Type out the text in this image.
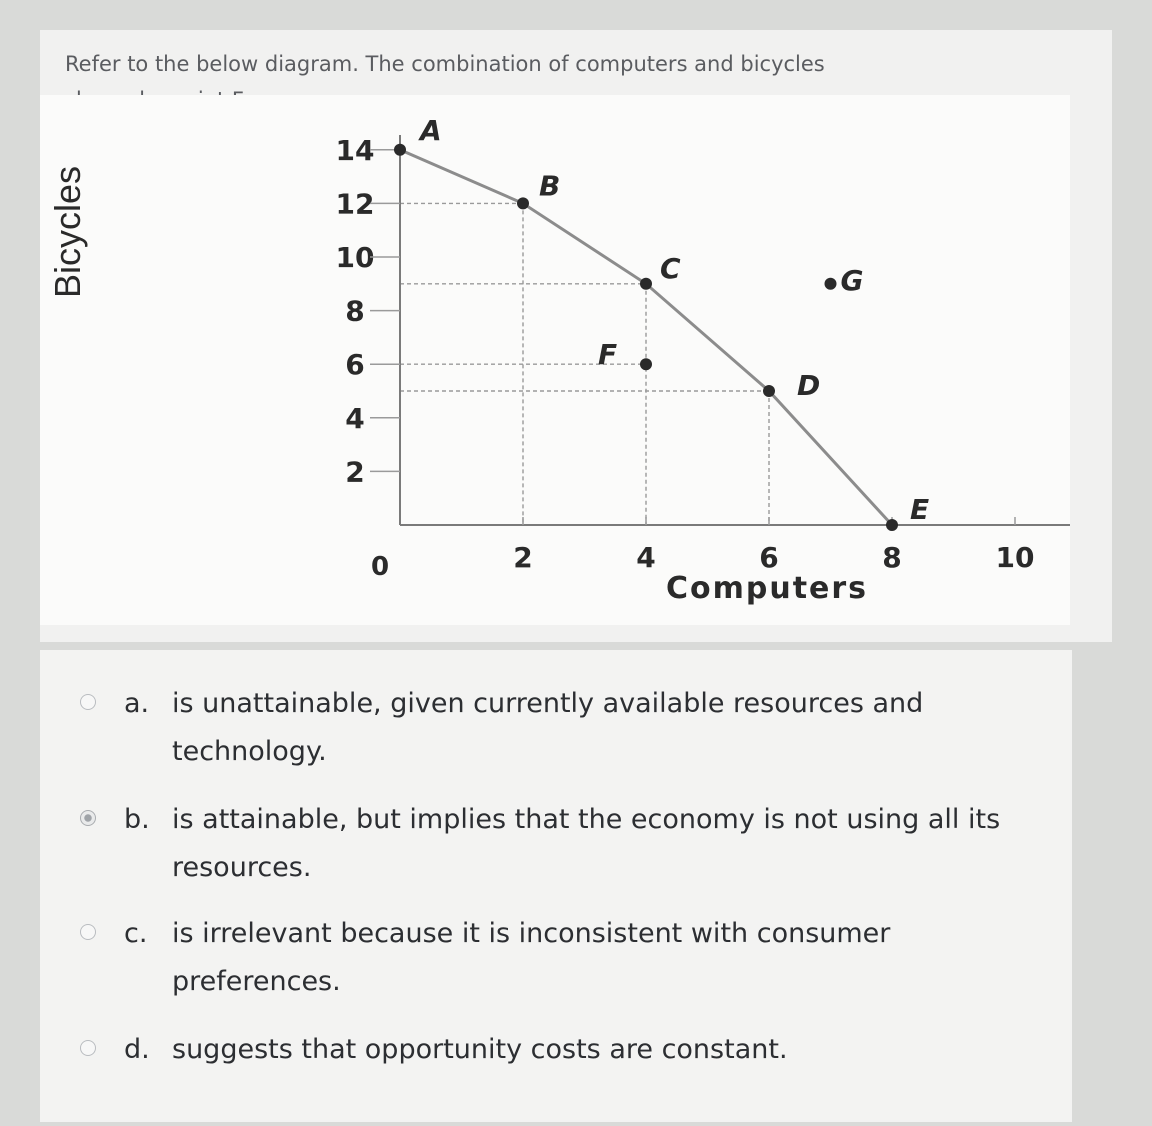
Refer to the below diagram. The combination of computers and bicycles
14
12
10
8
6
4
2
2	4	6	8	10
A
B
C
D
E
F
G
Bicycles
Computers
0
a. is unattainable, given currently available resources and technology.
b. is attainable, but implies that the economy is not using all its resources.
c. is irrelevant because it is inconsistent with consumer preferences.
d. suggests that opportunity costs are constant.
